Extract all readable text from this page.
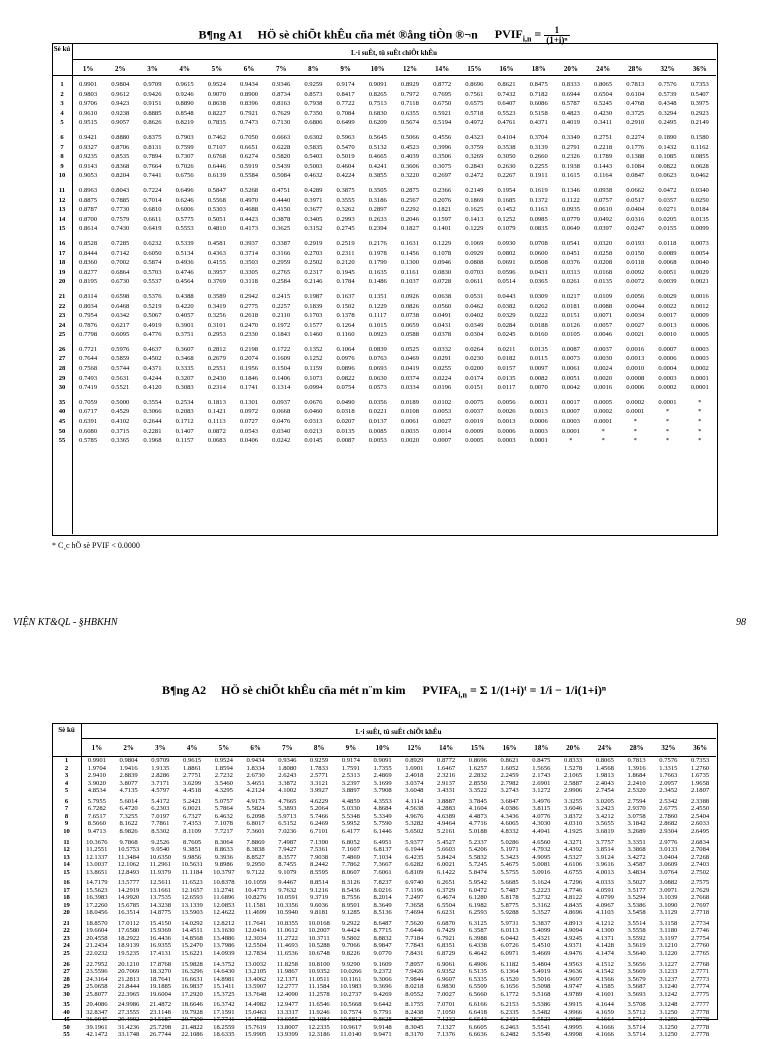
B¶ng A1 HÖ sè chiÕt khÊu cña mét ®ång tiÒn ®¬n $PVIF_{i,n} = \frac{1}{\text{(1+i)ⁿ}}$
Sè kú	L·i suÊt, tû suÊt chiÕt khÊu
	1%	2%	3%	4%	5%	6%	7%	8%	9%	10%	12%	14%	15%	16%	18%	20%	24%	28%	32%	36%

1	0.9901	0.9804	0.9709	0.9615	0.9524	0.9434	0.9346	0.9259	0.9174	0.9091	0.8929	0.8772	0.8696	0.8621	0.8475	0.8333	0.8065	0.7813	0.7576	0.7353
2	0.9803	0.9612	0.9426	0.9246	0.9070	0.8900	0.8734	0.8573	0.8417	0.8265	0.7972	0.7695	0.7561	0.7432	0.7182	0.6944	0.6504	0.6104	0.5739	0.5407
3	0.9706	0.9423	0.9151	0.8890	0.8638	0.8396	0.8163	0.7938	0.7722	0.7513	0.7118	0.6750	0.6575	0.6407	0.6086	0.5787	0.5245	0.4768	0.4348	0.3975
4	0.9610	0.9238	0.8885	0.8548	0.8227	0.7921	0.7629	0.7350	0.7084	0.6830	0.6355	0.5921	0.5718	0.5523	0.5158	0.4823	0.4230	0.3725	0.3294	0.2923
5	0.9515	0.9057	0.8626	0.8219	0.7835	0.7473	0.7130	0.6806	0.6499	0.6209	0.5674	0.5194	0.4972	0.4761	0.4371	0.4019	0.3411	0.2910	0.2495	0.2149

6	0.9421	0.8880	0.8375	0.7903	0.7462	0.7050	0.6663	0.6302	0.5963	0.5645	0.5066	0.4556	0.4323	0.4104	0.3704	0.3349	0.2751	0.2274	0.1890	0.1580
7	0.9327	0.8706	0.8131	0.7599	0.7107	0.6651	0.6228	0.5835	0.5470	0.5132	0.4523	0.3996	0.3759	0.3538	0.3139	0.2791	0.2218	0.1776	0.1432	0.1162
8	0.9235	0.8535	0.7894	0.7307	0.6768	0.6274	0.5820	0.5403	0.5019	0.4665	0.4039	0.3506	0.3269	0.3050	0.2660	0.2326	0.1789	0.1388	0.1085	0.0855
9	0.9143	0.8368	0.7664	0.7026	0.6446	0.5919	0.5439	0.5003	0.4604	0.4241	0.3606	0.3075	0.2843	0.2630	0.2255	0.1938	0.1443	0.1084	0.0822	0.0628
10	0.9053	0.8204	0.7441	0.6756	0.6139	0.5584	0.5084	0.4632	0.4224	0.3855	0.3220	0.2697	0.2472	0.2267	0.1911	0.1615	0.1164	0.0847	0.0623	0.0462

11	0.8963	0.8043	0.7224	0.6496	0.5847	0.5268	0.4751	0.4289	0.3875	0.3505	0.2875	0.2366	0.2149	0.1954	0.1619	0.1346	0.0938	0.0662	0.0472	0.0340
12	0.8875	0.7885	0.7014	0.6246	0.5568	0.4970	0.4440	0.3971	0.3555	0.3186	0.2567	0.2076	0.1869	0.1685	0.1372	0.1122	0.0757	0.0517	0.0357	0.0250
13	0.8787	0.7730	0.6810	0.6006	0.5303	0.4688	0.4150	0.3677	0.3262	0.2897	0.2292	0.1821	0.1625	0.1452	0.1163	0.0935	0.0610	0.0404	0.0271	0.0184
14	0.8700	0.7579	0.6611	0.5775	0.5051	0.4423	0.3878	0.3405	0.2993	0.2633	0.2046	0.1597	0.1413	0.1252	0.0985	0.0779	0.0492	0.0316	0.0205	0.0135
15	0.8614	0.7430	0.6419	0.5553	0.4810	0.4173	0.3625	0.3152	0.2745	0.2394	0.1827	0.1401	0.1229	0.1079	0.0835	0.0649	0.0397	0.0247	0.0155	0.0099

16	0.8528	0.7285	0.6232	0.5339	0.4581	0.3937	0.3387	0.2919	0.2519	0.2176	0.1631	0.1229	0.1069	0.0930	0.0708	0.0541	0.0320	0.0193	0.0118	0.0073
17	0.8444	0.7142	0.6050	0.5134	0.4363	0.3714	0.3166	0.2703	0.2311	0.1978	0.1456	0.1078	0.0929	0.0802	0.0600	0.0451	0.0258	0.0150	0.0089	0.0054
18	0.8360	0.7002	0.5874	0.4936	0.4155	0.3503	0.2959	0.2502	0.2120	0.1799	0.1300	0.0946	0.0808	0.0691	0.0508	0.0376	0.0208	0.0118	0.0068	0.0040
19	0.8277	0.6864	0.5703	0.4746	0.3957	0.3305	0.2765	0.2317	0.1945	0.1635	0.1161	0.0830	0.0703	0.0596	0.0431	0.0313	0.0168	0.0092	0.0051	0.0029
20	0.8195	0.6730	0.5537	0.4564	0.3769	0.3118	0.2584	0.2146	0.1784	0.1486	0.1037	0.0728	0.0611	0.0514	0.0365	0.0261	0.0135	0.0072	0.0039	0.0021

21	0.8114	0.6598	0.5376	0.4388	0.3589	0.2942	0.2415	0.1987	0.1637	0.1351	0.0926	0.0638	0.0531	0.0443	0.0309	0.0217	0.0109	0.0056	0.0029	0.0016
22	0.8034	0.6468	0.5219	0.4220	0.3419	0.2775	0.2257	0.1839	0.1502	0.1229	0.0826	0.0560	0.0462	0.0382	0.0262	0.0181	0.0088	0.0044	0.0022	0.0012
23	0.7954	0.6342	0.5067	0.4057	0.3256	0.2618	0.2110	0.1703	0.1378	0.1117	0.0738	0.0491	0.0402	0.0329	0.0222	0.0151	0.0071	0.0034	0.0017	0.0009
24	0.7876	0.6217	0.4919	0.3901	0.3101	0.2470	0.1972	0.1577	0.1264	0.1015	0.0659	0.0431	0.0349	0.0284	0.0188	0.0126	0.0057	0.0027	0.0013	0.0006
25	0.7798	0.6095	0.4776	0.3751	0.2953	0.2330	0.1843	0.1460	0.1160	0.0923	0.0588	0.0378	0.0304	0.0245	0.0160	0.0105	0.0046	0.0021	0.0010	0.0005

26	0.7721	0.5976	0.4637	0.3607	0.2812	0.2198	0.1722	0.1352	0.1064	0.0839	0.0525	0.0332	0.0264	0.0211	0.0135	0.0087	0.0037	0.0016	0.0007	0.0003
27	0.7644	0.5859	0.4502	0.3468	0.2679	0.2074	0.1609	0.1252	0.0976	0.0763	0.0469	0.0291	0.0230	0.0182	0.0115	0.0073	0.0030	0.0013	0.0006	0.0003
28	0.7568	0.5744	0.4371	0.3335	0.2551	0.1956	0.1504	0.1159	0.0896	0.0693	0.0419	0.0255	0.0200	0.0157	0.0097	0.0061	0.0024	0.0010	0.0004	0.0002
29	0.7493	0.5631	0.4244	0.3207	0.2430	0.1846	0.1406	0.1073	0.0822	0.0630	0.0374	0.0224	0.0174	0.0135	0.0082	0.0051	0.0020	0.0008	0.0003	0.0001
30	0.7419	0.5521	0.4120	0.3083	0.2314	0.1741	0.1314	0.0994	0.0754	0.0573	0.0334	0.0196	0.0151	0.0117	0.0070	0.0042	0.0016	0.0006	0.0002	0.0001

35	0.7059	0.5000	0.3554	0.2534	0.1813	0.1301	0.0937	0.0676	0.0490	0.0356	0.0189	0.0102	0.0075	0.0056	0.0031	0.0017	0.0005	0.0002	0.0001	*
40	0.6717	0.4529	0.3066	0.2083	0.1421	0.0972	0.0668	0.0460	0.0318	0.0221	0.0108	0.0053	0.0037	0.0026	0.0013	0.0007	0.0002	0.0001	*	*
45	0.6391	0.4102	0.2644	0.1712	0.1113	0.0727	0.0476	0.0313	0.0207	0.0137	0.0061	0.0027	0.0019	0.0013	0.0006	0.0003	0.0001	*	*	*
50	0.6080	0.3715	0.2281	0.1407	0.0872	0.0543	0.0340	0.0213	0.0135	0.0085	0.0035	0.0014	0.0009	0.0006	0.0003	0.0001	*	*	*	*
55	0.5785	0.3365	0.1968	0.1157	0.0683	0.0406	0.0242	0.0145	0.0087	0.0053	0.0020	0.0007	0.0005	0.0003	0.0001	*	*	*	*	*
* C¸c hÖ sè PVIF < 0.0000
VIỆN KT&QL - §HBKHN	98
B¶ng A2 HÖ sè chiÕt khÊu cña mét n¨m kim $PVIFA_{i,n} = \Sigma$ 1/(1+i)ᵗ = 1/i − 1/i(1+i)ⁿ
Sè kú	L·i suÊt, tû suÊt chiÕt khÊu
	1%	2%	3%	4%	5%	6%	7%	8%	9%	10%	12%	14%	15%	16%	18%	20%	24%	28%	32%	36%

1	0.9901	0.9804	0.9709	0.9615	0.9524	0.9434	0.9346	0.9259	0.9174	0.9091	0.8929	0.8772	0.8696	0.8621	0.8475	0.8333	0.8065	0.7813	0.7576	0.7353
2	1.9704	1.9416	1.9135	1.8861	1.8594	1.8334	1.8080	1.7833	1.7591	1.7355	1.6901	1.6467	1.6257	1.6052	1.5656	1.5278	1.4568	1.3916	1.3315	1.2760
3	2.9410	2.8839	2.8286	2.7751	2.7232	2.6730	2.6243	2.5771	2.5313	2.4869	2.4018	2.3216	2.2832	2.2459	2.1743	2.1065	1.9813	1.8684	1.7663	1.6735
4	3.9020	3.8077	3.7171	3.6299	3.5460	3.4651	3.3872	3.3121	3.2397	3.1699	3.0374	2.9137	2.8550	2.7982	2.6901	2.5887	2.4043	2.2410	2.0957	1.9658
5	4.8534	4.7135	4.5797	4.4518	4.3295	4.2124	4.1002	3.9927	3.8897	3.7908	3.6048	3.4331	3.3522	3.2743	3.1272	2.9906	2.7454	2.5320	2.3452	2.1807

6	5.7955	5.6014	5.4172	5.2421	5.0757	4.9173	4.7665	4.6229	4.4859	4.3553	4.1114	3.8887	3.7845	3.6847	3.4976	3.3255	3.0205	2.7594	2.5342	2.3388
7	6.7282	6.4720	6.2303	6.0021	5.7864	5.5824	5.3893	5.2064	5.0330	4.8684	4.5638	4.2883	4.1604	4.0386	3.8115	3.6046	3.2423	2.9370	2.6775	2.4550
8	7.6517	7.3255	7.0197	6.7327	6.4632	6.2098	5.9713	5.7466	5.5348	5.3349	4.9676	4.6389	4.4873	4.3436	4.0776	3.8372	3.4212	3.0758	2.7860	2.5404
9	8.5660	8.1622	7.7861	7.4353	7.1078	6.8017	6.5152	6.2469	5.9952	5.7590	5.3282	4.9464	4.7716	4.6065	4.3030	4.0310	3.5655	3.1842	2.8682	2.6033
10	9.4713	8.9826	8.5302	8.1109	7.7217	7.3601	7.0236	6.7101	6.4177	6.1446	5.6502	5.2161	5.0188	4.8332	4.4941	4.1925	3.6819	3.2689	2.9304	2.6495

11	10.3676	9.7868	9.2526	8.7605	8.3064	7.8869	7.4987	7.1390	6.8052	6.4951	5.9377	5.4527	5.2337	5.0286	4.6560	4.3271	3.7757	3.3351	2.9776	2.6834
12	11.2551	10.5753	9.9540	9.3851	8.8633	8.3838	7.9427	7.5361	7.1607	6.8137	6.1944	5.6603	5.4206	5.1971	4.7932	4.4392	3.8514	3.3868	3.0133	2.7084
13	12.1337	11.3484	10.6350	9.9856	9.3936	8.8527	8.3577	7.9038	7.4869	7.1034	6.4235	5.8424	5.5832	5.3423	4.9095	4.5327	3.9124	3.4272	3.0404	2.7268
14	13.0037	12.1062	11.2961	10.5631	9.8986	9.2950	8.7455	8.2442	7.7862	7.3667	6.6282	6.0021	5.7245	5.4675	5.0081	4.6106	3.9616	3.4587	3.0609	2.7403
15	13.8651	12.8493	11.9379	11.1184	10.3797	9.7122	9.1079	8.5595	8.0607	7.6061	6.8109	6.1422	5.8474	5.5755	5.0916	4.6755	4.0013	3.4834	3.0764	2.7502

16	14.7179	13.5777	12.5611	11.6523	10.8378	10.1059	9.4467	8.8514	8.3126	7.8237	6.9740	6.2651	5.9542	5.6685	5.1624	4.7296	4.0333	3.5027	3.0882	2.7575
17	15.5623	14.2919	13.1661	12.1657	11.2741	10.4773	9.7632	9.1216	8.5436	8.0216	7.1196	6.3729	6.0472	5.7487	5.2223	4.7746	4.0591	3.5177	3.0971	2.7629
18	16.3983	14.9920	13.7535	12.6593	11.6896	10.8276	10.0591	9.3719	8.7556	8.2014	7.2497	6.4674	6.1280	5.8178	5.2732	4.8122	4.0799	3.5294	3.1039	2.7668
19	17.2260	15.6785	14.3238	13.1339	12.0853	11.1581	10.3356	9.6036	8.9501	8.3649	7.3658	6.5504	6.1982	5.8775	5.3162	4.8435	4.0967	3.5386	3.1090	2.7697
20	18.0456	16.3514	14.8775	13.5903	12.4622	11.4699	10.5940	9.8181	9.1285	8.5136	7.4694	6.6231	6.2593	5.9288	5.3527	4.8696	4.1103	3.5458	3.1129	2.7718

21	18.8570	17.0112	15.4150	14.0292	12.8212	11.7641	10.8355	10.0168	9.2922	8.6487	7.5620	6.6870	6.3125	5.9731	5.3837	4.8913	4.1212	3.5514	3.1158	2.7734
22	19.6604	17.6580	15.9369	14.4511	13.1630	12.0416	11.0612	10.2007	9.4424	8.7715	7.6446	6.7429	6.3587	6.0113	5.4099	4.9094	4.1300	3.5558	3.1180	2.7746
23	20.4558	18.2922	16.4436	14.8568	13.4886	12.3034	11.2722	10.3711	9.5802	8.8832	7.7184	6.7921	6.3988	6.0442	5.4321	4.9245	4.1371	3.5592	3.1197	2.7754
24	21.2434	18.9139	16.9355	15.2470	13.7986	12.5504	11.4693	10.5288	9.7066	8.9847	7.7843	6.8351	6.4338	6.0726	5.4510	4.9371	4.1428	3.5619	3.1210	2.7760
25	22.0232	19.5235	17.4131	15.6221	14.0939	12.7834	11.6536	10.6748	9.8226	9.0770	7.8431	6.8729	6.4642	6.0971	5.4669	4.9476	4.1474	3.5640	3.1220	2.7765

26	22.7952	20.1210	17.8768	15.9828	14.3752	13.0032	11.8258	10.8100	9.9290	9.1609	7.8957	6.9061	6.4906	6.1182	5.4804	4.9563	4.1512	3.5656	3.1227	2.7768
27	23.5596	20.7069	18.3270	16.3296	14.6430	13.2105	11.9867	10.9352	10.0266	9.2372	7.9426	6.9352	6.5135	6.1364	5.4919	4.9636	4.1542	3.5669	3.1233	2.7771
28	24.3164	21.2813	18.7641	16.6631	14.8981	13.4062	12.1371	11.0511	10.1161	9.3066	7.9844	6.9607	6.5335	6.1520	5.5016	4.9697	4.1566	3.5679	3.1237	2.7773
29	25.0658	21.8444	19.1885	16.9837	15.1411	13.5907	12.2777	11.1584	10.1983	9.3696	8.0218	6.9830	6.5509	6.1656	5.5098	4.9747	4.1585	3.5687	3.1240	2.7774
30	25.8077	22.3965	19.6004	17.2920	15.3725	13.7648	12.4090	11.2578	10.2737	9.4269	8.0552	7.0027	6.5660	6.1772	5.5168	4.9789	4.1601	3.5693	3.1242	2.7775

35	29.4086	24.9986	21.4872	18.6646	16.3742	14.4982	12.9477	11.6546	10.5668	9.6442	8.1755	7.0701	6.6166	6.2153	5.5386	4.9915	4.1644	3.5708	3.1248	2.7777
40	32.8347	27.3555	23.1148	19.7928	17.1591	15.0463	13.3317	11.9246	10.7574	9.7791	8.2438	7.1050	6.6418	6.2335	5.5482	4.9966	4.1659	3.5712	3.1250	2.7778
45	36.0945	29.4902	24.5187	20.7200	17.7741	15.4558	13.6055	12.1084	10.8812	9.8628	8.2825	7.1232	6.6543	6.2421	5.5523	4.9986	4.1664	3.5714	3.1250	2.7778
50	39.1961	31.4236	25.7298	21.4822	18.2559	15.7619	13.8007	12.2335	10.9617	9.9148	8.3045	7.1327	6.6605	6.2463	5.5541	4.9995	4.1666	3.5714	3.1250	2.7778
55	42.1472	33.1748	26.7744	22.1086	18.6335	15.9905	13.9399	12.3186	11.0140	9.9471	8.3170	7.1376	6.6636	6.2482	5.5549	4.9998	4.1666	3.5714	3.1250	2.7778
